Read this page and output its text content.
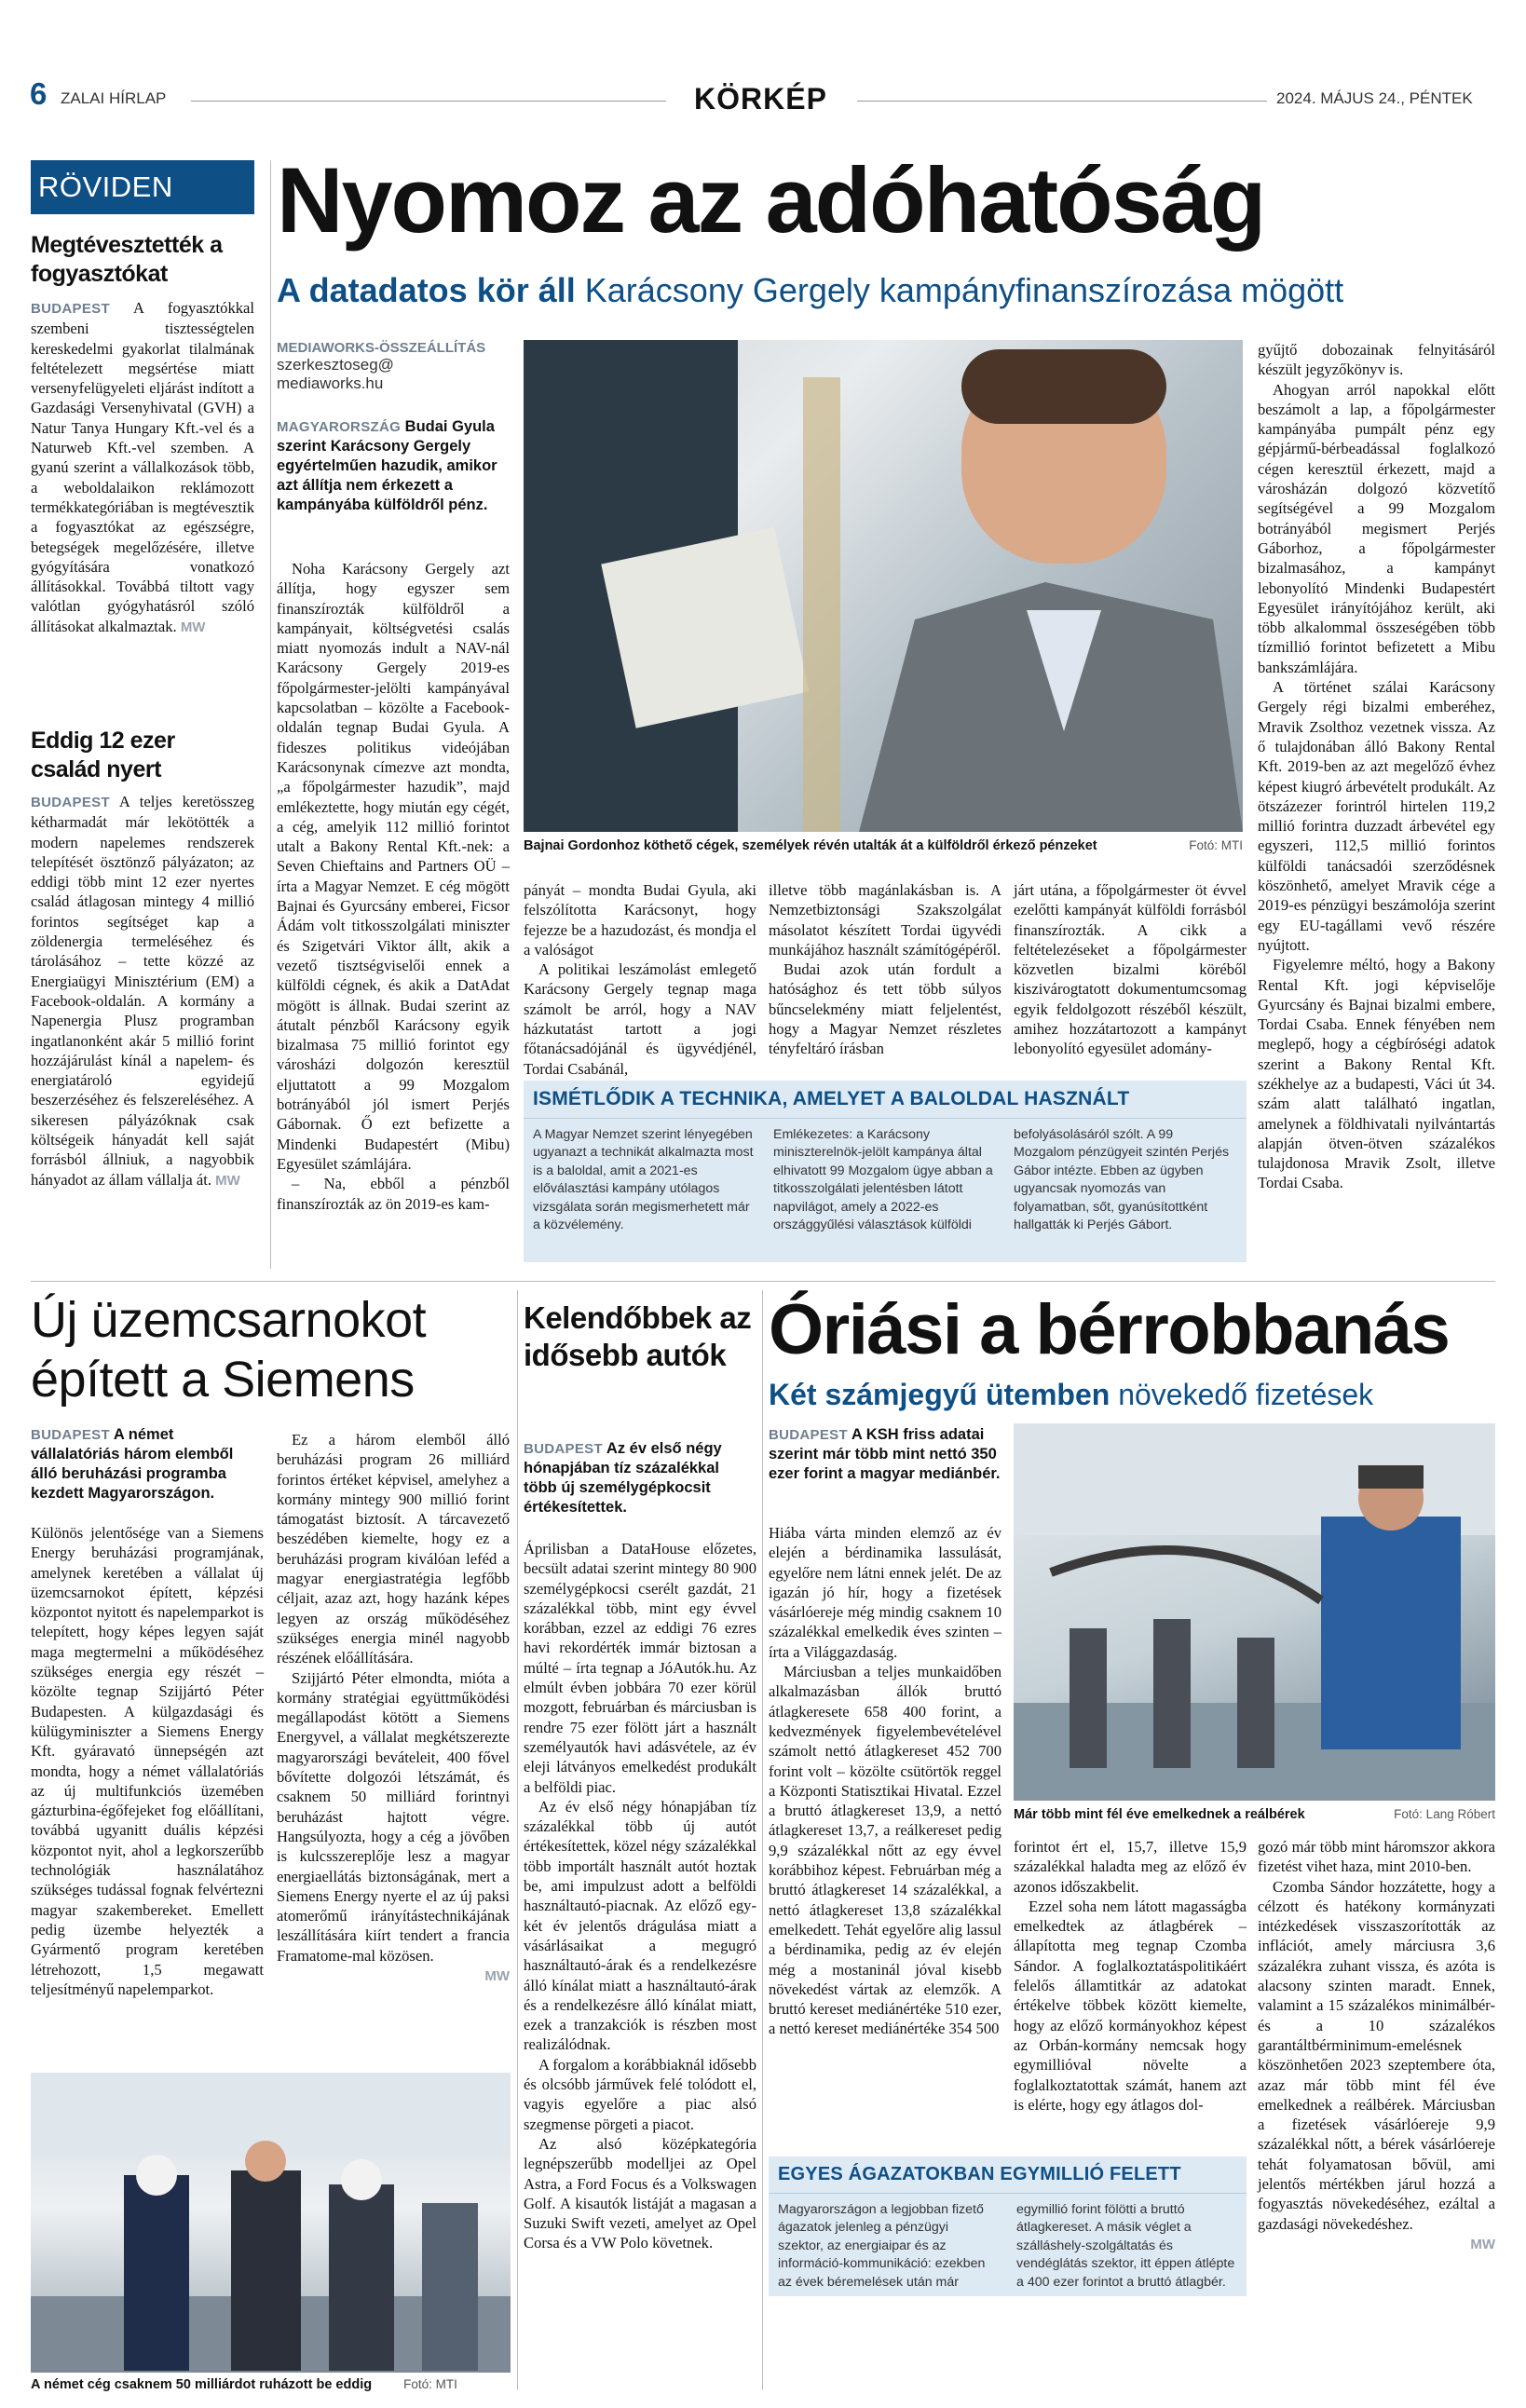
6 ZALAI HÍRLAP	KÖRKÉP	2024. MÁJUS 24., PÉNTEK
RÖVIDEN
Megtévesztették a fogyasztókat

BUDAPEST A fogyasztókkal szembeni tisztességtelen kereskedelmi gyakorlat tilalmának feltételezett megsértése miatt versenyfelügyeleti eljárást indított a Gazdasági Versenyhivatal (GVH) a Natur Tanya Hungary Kft.-vel és a Naturweb Kft.-vel szemben. A gyanú szerint a vállalkozások több, a weboldalaikon reklámozott termékkategóriában is megtévesztik a fogyasztókat az egészségre, betegségek megelőzésére, illetve gyógyítására vonatkozó állításokkal. Továbbá tiltott vagy valótlan gyógyhatásról szóló állításokat alkalmaztak. MW

Eddig 12 ezer család nyert

BUDAPEST A teljes keretösszeg kétharmadát már lekötötték a modern napelemes rendszerek telepítését ösztönző pályázaton; az eddigi több mint 12 ezer nyertes család átlagosan mintegy 4 millió forintos segítséget kap a zöldenergia termeléséhez és tárolásához – tette közzé az Energiaügyi Minisztérium (EM) a Facebook-oldalán. A kormány a Napenergia Plusz programban ingatlanonként akár 5 millió forint hozzájárulást kínál a napelem- és energiatároló egyidejű beszerzéséhez és felszereléséhez. A sikeresen pályázóknak csak költségeik hányadát kell saját forrásból állniuk, a nagyobbik hányadot az állam vállalja át. MW

Nyomoz az adóhatóság
A datadatos kör áll Karácsony Gergely kampányfinanszírozása mögött
MEDIAWORKS-ÖSSZEÁLLÍTÁS
szerkesztoseg@
mediaworks.hu
MAGYARORSZÁG Budai Gyula szerint Karácsony Gergely egyértelműen hazudik, amikor azt állítja nem érkezett a kampányába külföldről pénz.
Bajnai Gordonhoz köthető cégek, személyek révén utalták át a külföldről érkező pénzeket	Fotó: MTI

Noha Karácsony Gergely azt állítja, hogy egyszer sem finanszírozták külföldről a kampányait, költségvetési csalás miatt nyomozás indult a NAV-nál Karácsony Gergely 2019-es főpolgármester-jelölti kampányával kapcsolatban – közölte a Facebook-oldalán tegnap Budai Gyula. A fideszes politikus videójában Karácsonynak címezve azt mondta, „a főpolgármester hazudik”, majd emlékeztette, hogy miután egy cégét, a cég, amelyik 112 millió forintot utalt a Bakony Rental Kft.-nek: a Seven Chieftains and Partners OÜ – írta a Magyar Nemzet. E cég mögött Bajnai és Gyurcsány emberei, Ficsor Ádám volt titkosszolgálati miniszter és Szigetvári Viktor állt, akik a vezető tisztségviselői ennek a külföldi cégnek, és akik a DatAdat mögött is állnak. Budai szerint az átutalt pénzből Karácsony egyik bizalmasa 75 millió forintot egy városházi dolgozón keresztül eljuttatott a 99 Mozgalom botrányából jól ismert Perjés Gábornak. Ő ezt befizette a Mindenki Budapestért (Mibu) Egyesület számlájára.

– Na, ebből a pénzből finanszírozták az ön 2019-es kam-

pányát – mondta Budai Gyula, aki felszólította Karácsonyt, hogy fejezze be a hazudozást, és mondja el a valóságot

A politikai leszámolást emlegető Karácsony Gergely tegnap maga számolt be arról, hogy a NAV házkutatást tartott a jogi főtanácsadójánál és ügyvédjénél, Tordai Csabánál,

illetve több magánlakásban is. A Nemzetbiztonsági Szakszolgálat másolatot készített Tordai ügyvédi munkájához használt számítógépéről.

Budai azok után fordult a hatósághoz és tett több súlyos bűncselekmény miatt feljelentést, hogy a Magyar Nemzet részletes tényfeltáró írásban

járt utána, a főpolgármester öt évvel ezelőtti kampányát külföldi forrásból finanszírozták. A cikk a feltételezéseket a főpolgármester közvetlen bizalmi köréből kiszivárogtatott dokumentumcsomag egyik feldolgozott részéből készült, amihez hozzátartozott a kampányt lebonyolító egyesület adomány-

gyűjtő dobozainak felnyitásáról készült jegyzőkönyv is.

Ahogyan arról napokkal előtt beszámolt a lap, a főpolgármester kampányába pumpált pénz egy gépjármű-bérbeadással foglalkozó cégen keresztül érkezett, majd a városházán dolgozó közvetítő segítségével a 99 Mozgalom botrányából megismert Perjés Gáborhoz, a főpolgármester bizalmasához, a kampányt lebonyolító Mindenki Budapestért Egyesület irányítójához került, aki több alkalommal összeségében több tízmillió forintot befizetett a Mibu bankszámlájára.

A történet szálai Karácsony Gergely régi bizalmi emberéhez, Mravik Zsolthoz vezetnek vissza. Az ő tulajdonában álló Bakony Rental Kft. 2019-ben az azt megelőző évhez képest kiugró árbevételt produkált. Az ötszázezer forintról hirtelen 119,2 millió forintra duzzadt árbevétel egy egyszeri, 112,5 millió forintos külföldi tanácsadói szerződésnek köszönhető, amelyet Mravik cége a 2019-es pénzügyi beszámolója szerint egy EU-tagállami vevő részére nyújtott.

Figyelemre méltó, hogy a Bakony Rental Kft. jogi képviselője Gyurcsány és Bajnai bizalmi embere, Tordai Csaba. Ennek fényében nem meglepő, hogy a cégbíróségi adatok szerint a Bakony Rental Kft. székhelye az a budapesti, Váci út 34. szám alatt található ingatlan, amelynek a földhivatali nyilvántartás alapján ötven-ötven százalékos tulajdonosa Mravik Zsolt, illetve Tordai Csaba.

ISMÉTLŐDIK A TECHNIKA, AMELYET A BALOLDAL HASZNÁLT
A Magyar Nemzet szerint lényegében ugyanazt a technikát alkalmazta most is a baloldal, amit a 2021-es előválasztási kampány utólagos vizsgálata során megismerhetett már a közvélemény.
Emlékezetes: a Karácsony miniszterelnök-jelölt kampánya által elhivatott 99 Mozgalom ügye abban a titkosszolgálati jelentésben látott napvilágot, amely a 2022-es országgyűlési választások külföldi
befolyásolásáról szólt. A 99 Mozgalom pénzügyeit szintén Perjés Gábor intézte. Ebben az ügyben ugyancsak nyomozás van folyamatban, sőt, gyanúsítottként hallgatták ki Perjés Gábort.
Új üzemcsarnokot
épített a Siemens
BUDAPEST A német vállalatóriás három elemből álló beruházási programba kezdett Magyarországon.

Különös jelentősége van a Siemens Energy beruházási programjának, amelynek keretében a vállalat új üzemcsarnokot épített, képzési központot nyitott és napelemparkot is telepített, hogy képes legyen saját maga megtermelni a működéséhez szükséges energia egy részét – közölte tegnap Szijjártó Péter Budapesten. A külgazdasági és külügyminiszter a Siemens Energy Kft. gyáravató ünnepségén azt mondta, hogy a német vállalatóriás az új multifunkciós üzemében gázturbina-égőfejeket fog előállítani, továbbá ugyanitt duális képzési központot nyit, ahol a legkorszerűbb technológiák használatához szükséges tudással fognak felvértezni magyar szakembereket. Emellett pedig üzembe helyezték a Gyármentő program keretében létrehozott, 1,5 megawatt teljesítményű napelemparkot.

Ez a három elemből álló beruházási program 26 milliárd forintos értéket képvisel, amelyhez a kormány mintegy 900 millió forint támogatást biztosít. A tárcavezető beszédében kiemelte, hogy ez a beruházási program kiválóan leféd a magyar energiastratégia legfőbb céljait, azaz azt, hogy hazánk képes legyen az ország működéséhez szükséges energia minél nagyobb részének előállítására.

Szijjártó Péter elmondta, mióta a kormány stratégiai együttműködési megállapodást kötött a Siemens Energyvel, a vállalat megkétszerezte magyarországi beváteleit, 400 fővel bővítette dolgozói létszámát, és csaknem 50 milliárd forintnyi beruházást hajtott végre. Hangsúlyozta, hogy a cég a jövőben is kulcsszereplője lesz a magyar energiaellátás biztonságának, mert a Siemens Energy nyerte el az új paksi atomerőmű irányítástechnikájának leszállítására kiírt tendert a francia Framatome-mal közösen.

MW

A német cég csaknem 50 milliárdot ruházott be eddig	Fotó: MTI
Kelendőbbek az idősebb autók
BUDAPEST Az év első négy hónapjában tíz százalékkal több új személygépkocsit értékesítettek.

Áprilisban a DataHouse előzetes, becsült adatai szerint mintegy 80 900 személygépkocsi cserélt gazdát, 21 százalékkal több, mint egy évvel korábban, ezzel az eddigi 76 ezres havi rekordérték immár biztosan a múlté – írta tegnap a JóAutók.hu. Az elmúlt évben jobbára 70 ezer körül mozgott, februárban és márciusban is rendre 75 ezer fölött járt a használt személyautók havi adásvétele, az év eleji látványos emelkedést produkált a belföldi piac.

Az év első négy hónapjában tíz százalékkal több új autót értékesítettek, közel négy százalékkal több importált használt autót hoztak be, ami impulzust adott a belföldi használtautó-piacnak. Az előző egy-két év jelentős drágulása miatt a vásárlásaikat a megugró használtautó-árak és a rendelkezésre álló kínálat miatt a használtautó-árak és a rendelkezésre álló kínálat miatt, ezek a tranzakciók is részben most realizálódnak.

A forgalom a korábbiaknál idősebb és olcsóbb járművek felé tolódott el, vagyis egyelőre a piac alsó szegmense pörgeti a piacot.

Az alsó középkategória legnépszerűbb modelljei az Opel Astra, a Ford Focus és a Volkswagen Golf. A kisautók listáját a magasan a Suzuki Swift vezeti, amelyet az Opel Corsa és a VW Polo követnek.

Óriási a bérrobbanás
Két számjegyű ütemben növekedő fizetések
BUDAPEST A KSH friss adatai szerint már több mint nettó 350 ezer forint a magyar mediánbér.

Hiába várta minden elemző az év elején a bérdinamika lassulását, egyelőre nem látni ennek jelét. De az igazán jó hír, hogy a fizetések vásárlóereje még mindig csaknem 10 százalékkal emelkedik éves szinten – írta a Világgazdaság.

Márciusban a teljes munkaidőben alkalmazásban állók bruttó átlagkeresete 658 400 forint, a kedvezmények figyelembevételével számolt nettó átlagkereset 452 700 forint volt – közölte csütörtök reggel a Központi Statisztikai Hivatal. Ezzel a bruttó átlagkereset 13,9, a nettó átlagkereset 13,7, a reálkereset pedig 9,9 százalékkal nőtt az egy évvel korábbihoz képest. Februárban még a bruttó átlagkereset 14 százalékkal, a nettó átlagkereset 13,8 százalékkal emelkedett. Tehát egyelőre alig lassul a bérdinamika, pedig az év elején még a mostaninál jóval kisebb növekedést vártak az elemzők. A bruttó kereset mediánértéke 510 ezer, a nettó kereset mediánértéke 354 500

Már több mint fél éve emelkednek a reálbérek	Fotó: Lang Róbert

forintot ért el, 15,7, illetve 15,9 százalékkal haladta meg az előző év azonos időszakbelit.

Ezzel soha nem látott magasságba emelkedtek az átlagbérek – állapította meg tegnap Czomba Sándor. A foglalkoztatáspolitikáért felelős államtitkár az adatokat értékelve többek között kiemelte, hogy az előző kormányokhoz képest az Orbán-kormány nemcsak hogy egymillióval növelte a foglalkoztatottak számát, hanem azt is elérte, hogy egy átlagos dol-

gozó már több mint háromszor akkora fizetést vihet haza, mint 2010-ben.

Czomba Sándor hozzátette, hogy a célzott és hatékony kormányzati intézkedések visszaszorították az inflációt, amely márciusra 3,6 százalékra zuhant vissza, és azóta is alacsony szinten maradt. Ennek, valamint a 15 százalékos minimálbér- és a 10 százalékos garantáltbérminimum-emelésnek köszönhetően 2023 szeptembere óta, azaz már több mint fél éve emelkednek a reálbérek. Márciusban a fizetések vásárlóereje 9,9 százalékkal nőtt, a bérek vásárlóereje tehát folyamatosan bővül, ami jelentős mértékben járul hozzá a fogyasztás növekedéséhez, ezáltal a gazdasági növekedéshez.

MW

EGYES ÁGAZATOKBAN EGYMILLIÓ FELETT
Magyarországon a legjobban fizető ágazatok jelenleg a pénzügyi szektor, az energiaipar és az információ-kommunikáció: ezekben az évek béremelések után már
egymillió forint fölötti a bruttó átlagkereset. A másik véglet a szálláshely-szolgáltatás és vendéglátás szektor, itt éppen átlépte a 400 ezer forintot a bruttó átlagbér.
